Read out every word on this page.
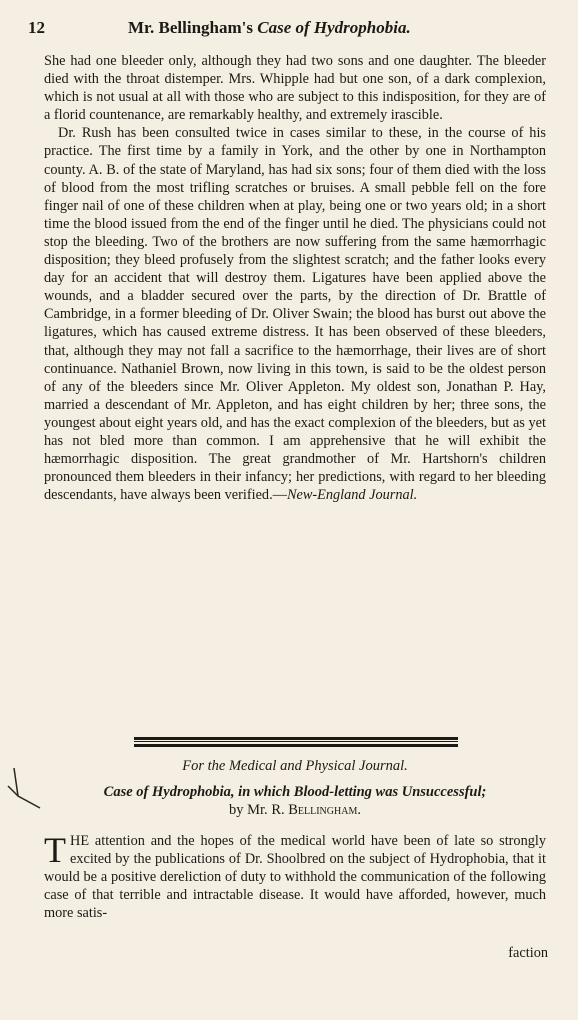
12	Mr. Bellingham's Case of Hydrophobia.

She had one bleeder only, although they had two sons and one daughter. The bleeder died with the throat distemper. Mrs. Whipple had but one son, of a dark complexion, which is not usual at all with those who are subject to this indisposition, for they are of a florid countenance, are remarkably healthy, and extremely irascible.

Dr. Rush has been consulted twice in cases similar to these, in the course of his practice. The first time by a family in York, and the other by one in Northampton county. A. B. of the state of Maryland, has had six sons; four of them died with the loss of blood from the most trifling scratches or bruises. A small pebble fell on the fore finger nail of one of these children when at play, being one or two years old; in a short time the blood issued from the end of the finger until he died. The physicians could not stop the bleeding. Two of the brothers are now suffering from the same hæmorrhagic disposition; they bleed profusely from the slightest scratch; and the father looks every day for an accident that will destroy them. Ligatures have been applied above the wounds, and a bladder secured over the parts, by the direction of Dr. Brattle of Cambridge, in a former bleeding of Dr. Oliver Swain; the blood has burst out above the ligatures, which has caused extreme distress. It has been observed of these bleeders, that, although they may not fall a sacrifice to the hæmorrhage, their lives are of short continuance. Nathaniel Brown, now living in this town, is said to be the oldest person of any of the bleeders since Mr. Oliver Appleton. My oldest son, Jonathan P. Hay, married a descendant of Mr. Appleton, and has eight children by her; three sons, the youngest about eight years old, and has the exact complexion of the bleeders, but as yet has not bled more than common. I am apprehensive that he will exhibit the hæmorrhagic disposition. The great grandmother of Mr. Hartshorn's children pronounced them bleeders in their infancy; her predictions, with regard to her bleeding descendants, have always been verified.—New-England Journal.

For the Medical and Physical Journal.
Case of Hydrophobia, in which Blood-letting was Unsuccessful;
by Mr. R. Bellingham.
T HE attention and the hopes of the medical world have been of late so strongly excited by the publications of Dr. Shoolbred on the subject of Hydrophobia, that it would be a positive dereliction of duty to withhold the communication of the following case of that terrible and intractable disease. It would have afforded, however, much more satis-
faction
